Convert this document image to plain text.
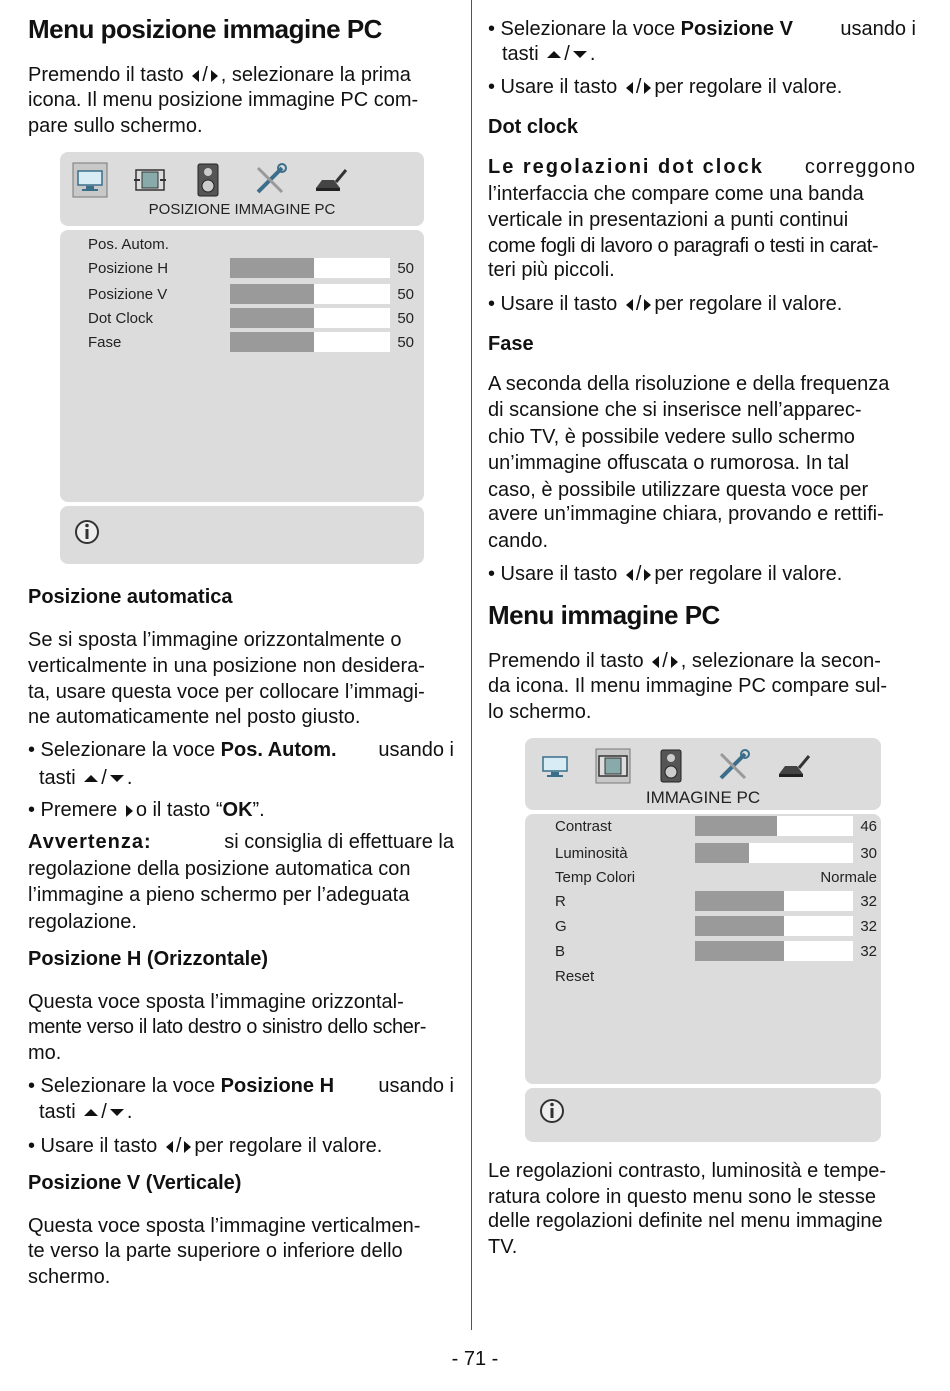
Menu posizione immagine PC

Premendo il tasto / , selezionare la prima

icona. Il menu posizione immagine PC com-

pare sullo schermo.

POSIZIONE IMMAGINE PC
Pos. Autom.
Posizione H	50
Posizione V	50
Dot Clock	50
Fase	50
Posizione automatica

Se si sposta l’immagine orizzontalmente o

verticalmente in una posizione non desidera-

ta, usare questa voce per collocare l’immagi-

ne automaticamente nel posto giusto.

• Selezionare la voce Pos. Autom. usando i
tasti / .
• Premere o il tasto “OK”.

Avvertenza:	si consiglia di effettuare la

regolazione della posizione automatica con

l’immagine a pieno schermo per l’adeguata

regolazione.

Posizione H (Orizzontale)

Questa voce sposta l’immagine orizzontal-

mente verso il lato destro o sinistro dello scher-

mo.

• Selezionare la voce Posizione H usando i
tasti / .
• Usare il tasto / per regolare il valore.
Posizione V (Verticale)

Questa voce sposta l’immagine verticalmen-

te verso la parte superiore o inferiore dello

schermo.

• Selezionare la voce Posizione V usando i
tasti / .
• Usare il tasto / per regolare il valore.
Dot clock

Le regolazioni dot clock correggono

l’interfaccia che compare come una banda

verticale in presentazioni a punti continui

come fogli di lavoro o paragrafi o testi in carat-

teri più piccoli.

• Usare il tasto / per regolare il valore.
Fase

A seconda della risoluzione e della frequenza

di scansione che si inserisce nell’apparec-

chio TV, è possibile vedere sullo schermo

un’immagine offuscata o rumorosa. In tal

caso, è possibile utilizzare questa voce per

avere un’immagine chiara, provando e rettifi-

cando.

• Usare il tasto / per regolare il valore.
Menu immagine PC

Premendo il tasto / , selezionare la secon-

da icona. Il menu immagine PC compare sul-

lo schermo.

IMMAGINE PC
Contrast	46
Luminosità	30
Temp Colori	Normale
R	32
G	32
B	32
Reset

Le regolazioni contrasto, luminosità e tempe-

ratura colore in questo menu sono le stesse

delle regolazioni definite nel menu immagine

TV.

- 71 -
